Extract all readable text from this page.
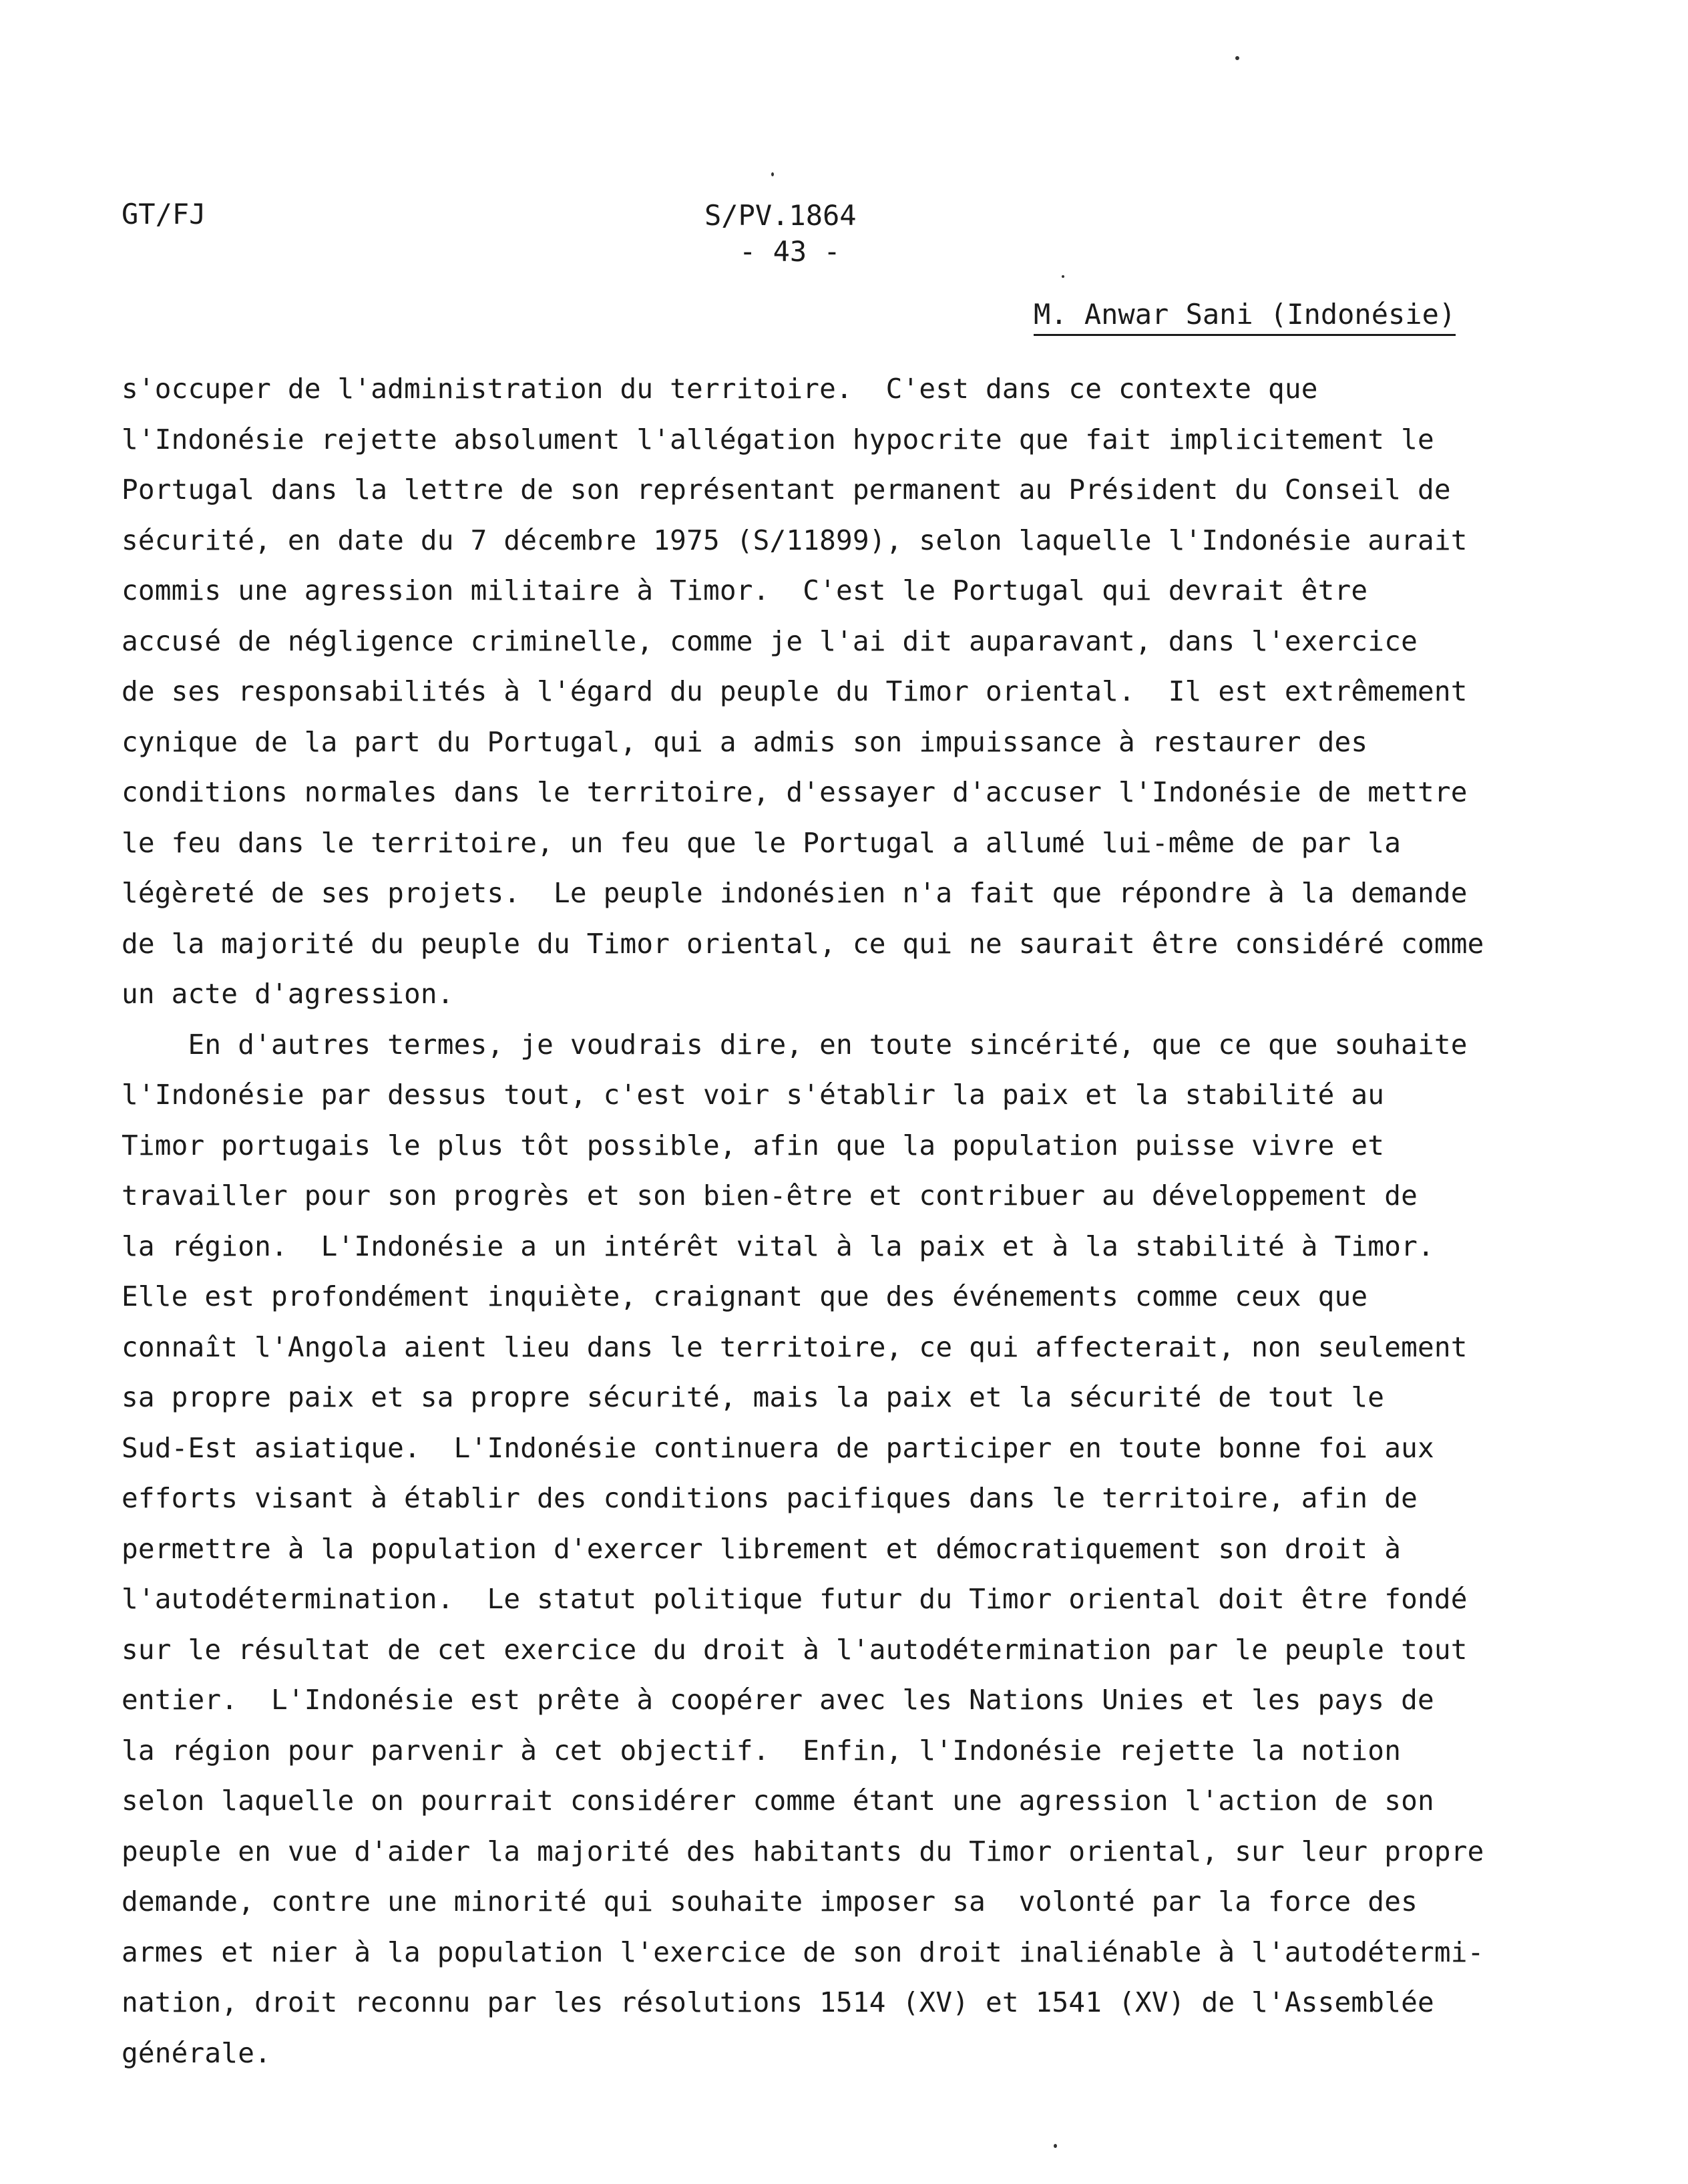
GT/FJ	S/PV.1864
- 43 -
M. Anwar Sani (Indonésie)
s'occuper de l'administration du territoire.  C'est dans ce contexte que
l'Indonésie rejette absolument l'allégation hypocrite que fait implicitement le
Portugal dans la lettre de son représentant permanent au Président du Conseil de
sécurité, en date du 7 décembre 1975 (S/11899), selon laquelle l'Indonésie aurait
commis une agression militaire à Timor.  C'est le Portugal qui devrait être
accusé de négligence criminelle, comme je l'ai dit auparavant, dans l'exercice
de ses responsabilités à l'égard du peuple du Timor oriental.  Il est extrêmement
cynique de la part du Portugal, qui a admis son impuissance à restaurer des
conditions normales dans le territoire, d'essayer d'accuser l'Indonésie de mettre
le feu dans le territoire, un feu que le Portugal a allumé lui-même de par la
légèreté de ses projets.  Le peuple indonésien n'a fait que répondre à la demande
de la majorité du peuple du Timor oriental, ce qui ne saurait être considéré comme
un acte d'agression.
En d'autres termes, je voudrais dire, en toute sincérité, que ce que souhaite
l'Indonésie par dessus tout, c'est voir s'établir la paix et la stabilité au
Timor portugais le plus tôt possible, afin que la population puisse vivre et
travailler pour son progrès et son bien-être et contribuer au développement de
la région.  L'Indonésie a un intérêt vital à la paix et à la stabilité à Timor.
Elle est profondément inquiète, craignant que des événements comme ceux que
connaît l'Angola aient lieu dans le territoire, ce qui affecterait, non seulement
sa propre paix et sa propre sécurité, mais la paix et la sécurité de tout le
Sud-Est asiatique.  L'Indonésie continuera de participer en toute bonne foi aux
efforts visant à établir des conditions pacifiques dans le territoire, afin de
permettre à la population d'exercer librement et démocratiquement son droit à
l'autodétermination.  Le statut politique futur du Timor oriental doit être fondé
sur le résultat de cet exercice du droit à l'autodétermination par le peuple tout
entier.  L'Indonésie est prête à coopérer avec les Nations Unies et les pays de
la région pour parvenir à cet objectif.  Enfin, l'Indonésie rejette la notion
selon laquelle on pourrait considérer comme étant une agression l'action de son
peuple en vue d'aider la majorité des habitants du Timor oriental, sur leur propre
demande, contre une minorité qui souhaite imposer sa  volonté par la force des
armes et nier à la population l'exercice de son droit inaliénable à l'autodétermi-
nation, droit reconnu par les résolutions 1514 (XV) et 1541 (XV) de l'Assemblée
générale.
